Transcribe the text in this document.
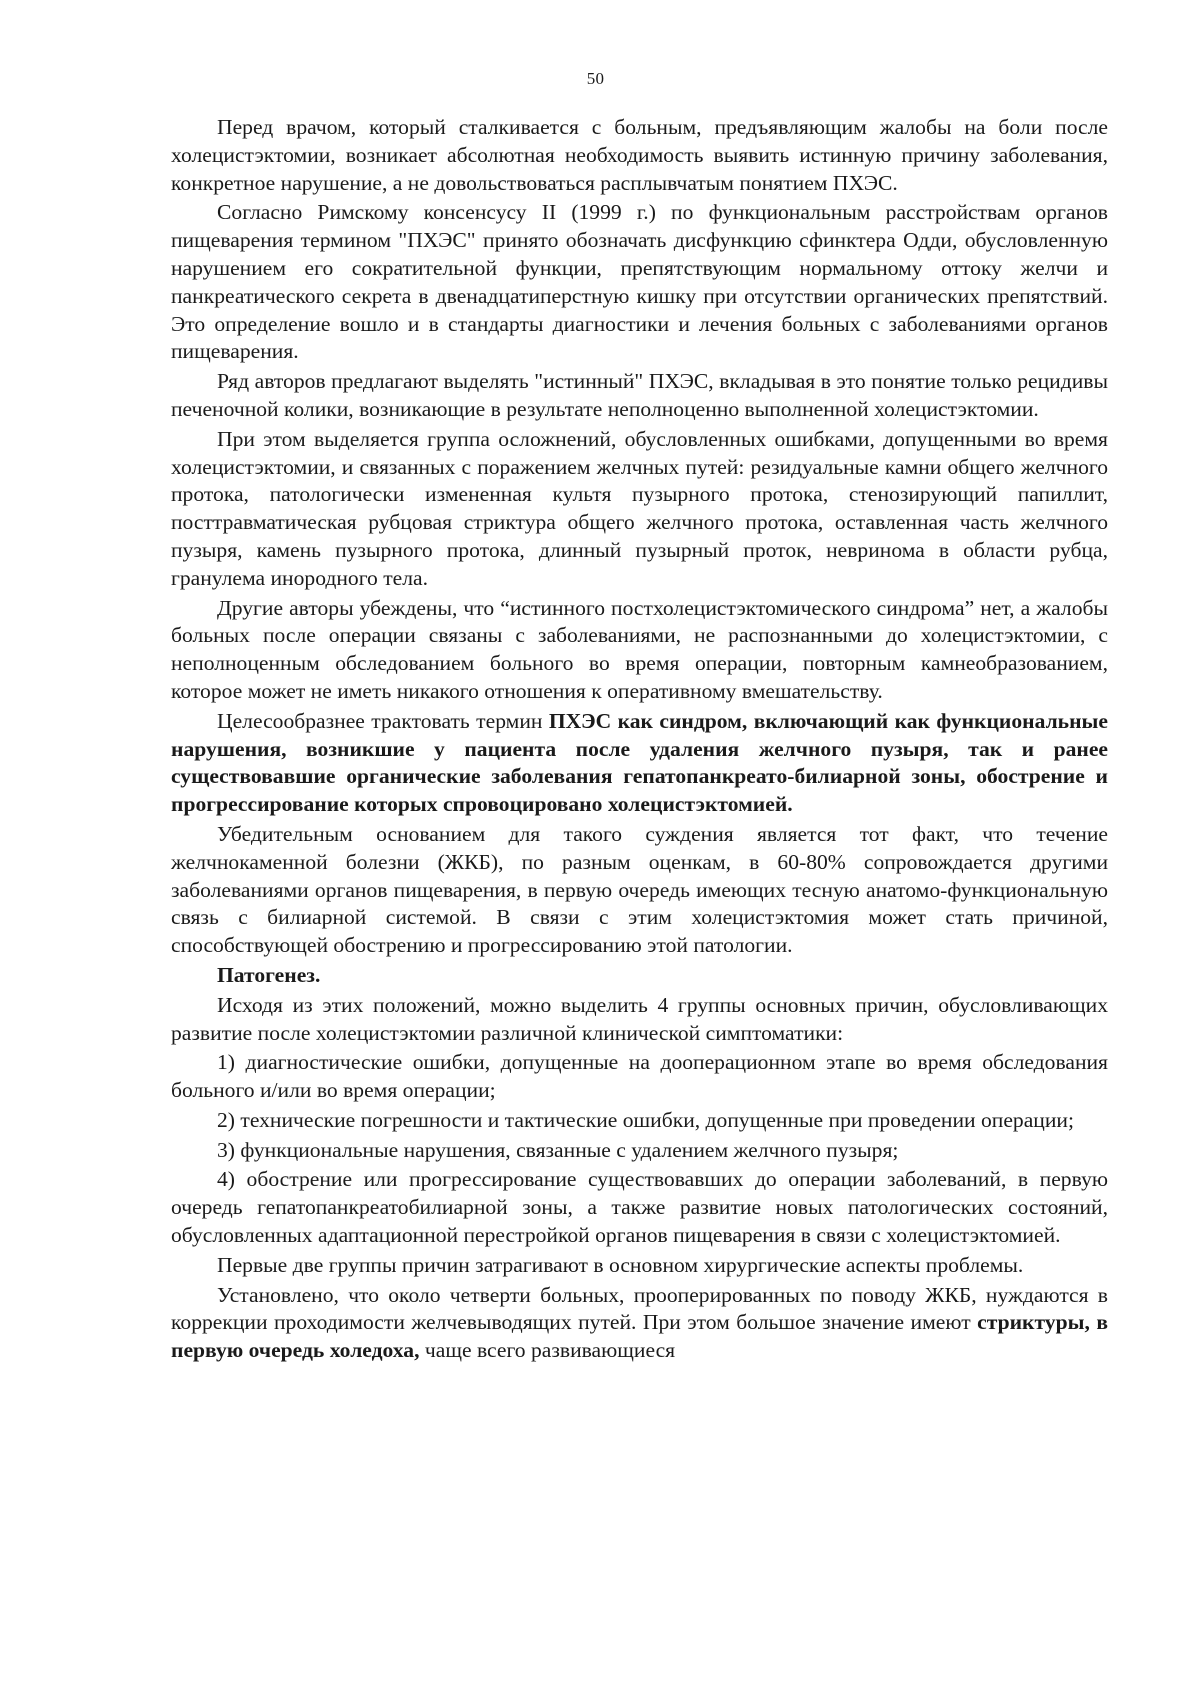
50

Перед врачом, который сталкивается с больным, предъявляющим жалобы на боли после холецистэктомии, возникает абсолютная необходимость выявить истинную причину заболевания, конкретное нарушение, а не довольствоваться расплывчатым понятием ПХЭС.

Согласно Римскому консенсусу II (1999 г.) по функциональным расстройствам органов пищеварения термином "ПХЭС" принято обозначать дисфункцию сфинктера Одди, обусловленную нарушением его сократительной функции, препятствующим нормальному оттоку желчи и панкреатического секрета в двенадцатиперстную кишку при отсутствии органических препятствий. Это определение вошло и в стандарты диагностики и лечения больных с заболеваниями органов пищеварения.

Ряд авторов предлагают выделять "истинный" ПХЭС, вкладывая в это понятие только рецидивы печеночной колики, возникающие в результате неполноценно выполненной холецистэктомии.

При этом выделяется группа осложнений, обусловленных ошибками, допущенными во время холецистэктомии, и связанных с поражением желчных путей: резидуальные камни общего желчного протока, патологически измененная культя пузырного протока, стенозирующий папиллит, посттравматическая рубцовая стриктура общего желчного протока, оставленная часть желчного пузыря, камень пузырного протока, длинный пузырный проток, невринома в области рубца, гранулема инородного тела.

Другие авторы убеждены, что “истинного постхолецистэктомического синдрома” нет, а жалобы больных после операции связаны с заболеваниями, не распознанными до холецистэктомии, с неполноценным обследованием больного во время операции, повторным камнеобразованием, которое может не иметь никакого отношения к оперативному вмешательству.

Целесообразнее трактовать термин ПХЭС как синдром, включающий как функциональные нарушения, возникшие у пациента после удаления желчного пузыря, так и ранее существовавшие органические заболевания гепатопанкреато-билиарной зоны, обострение и прогрессирование которых спровоцировано холецистэктомией.

Убедительным основанием для такого суждения является тот факт, что течение желчнокаменной болезни (ЖКБ), по разным оценкам, в 60-80% сопровождается другими заболеваниями органов пищеварения, в первую очередь имеющих тесную анатомо-функциональную связь с билиарной системой. В связи с этим холецистэктомия может стать причиной, способствующей обострению и прогрессированию этой патологии.

Патогенез.

Исходя из этих положений, можно выделить 4 группы основных причин, обусловливающих развитие после холецистэктомии различной клинической симптоматики:

1) диагностические ошибки, допущенные на дооперационном этапе во время обследования больного и/или во время операции;

2) технические погрешности и тактические ошибки, допущенные при проведении операции;

3) функциональные нарушения, связанные с удалением желчного пузыря;

4) обострение или прогрессирование существовавших до операции заболеваний, в первую очередь гепатопанкреатобилиарной зоны, а также развитие новых патологических состояний, обусловленных адаптационной перестройкой органов пищеварения в связи с холецистэктомией.

Первые две группы причин затрагивают в основном хирургические аспекты проблемы.

Установлено, что около четверти больных, прооперированных по поводу ЖКБ, нуждаются в коррекции проходимости желчевыводящих путей. При этом большое значение имеют стриктуры, в первую очередь холедоха, чаще всего развивающиеся
